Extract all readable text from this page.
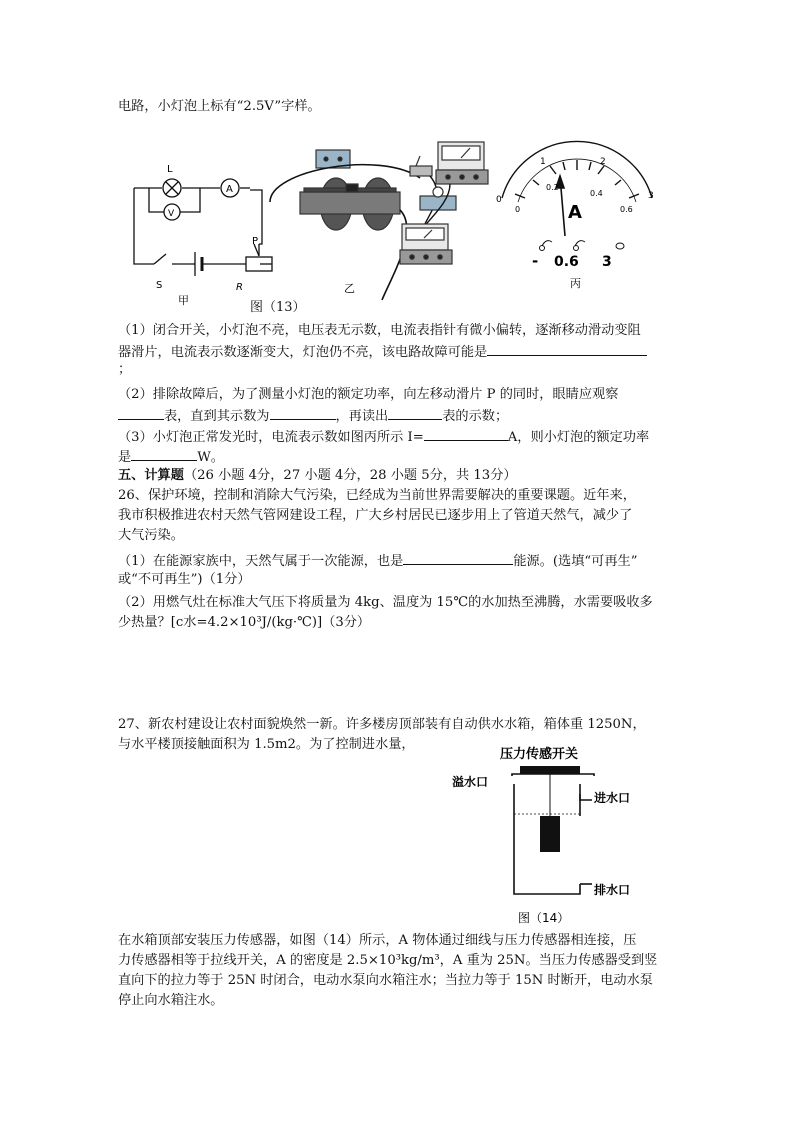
电路，小灯泡上标有“2.5V”字样。
L
A
V
S
P
R
甲
乙
0
1	2
3
0
0.2
0.4
0.6
A
- 0.6 3
丙
图（13）
（1）闭合开关，小灯泡不亮，电压表无示数，电流表指针有微小偏转，逐渐移动滑动变阻
器滑片，电流表示数逐渐变大，灯泡仍不亮，该电路故障可能是
；
（2）排除故障后，为了测量小灯泡的额定功率，向左移动滑片 P 的同时，眼睛应观察
表，直到其示数为	，再读出	表的示数；
（3）小灯泡正常发光时，电流表示数如图丙所示 I=	A，则小灯泡的额定功率
是	W。
五、计算题（26 小题 4分，27 小题 4分，28 小题 5分，共 13分）
26、保护环境，控制和消除大气污染，已经成为当前世界需要解决的重要课题。近年来，
我市积极推进农村天然气管网建设工程，广大乡村居民已逐步用上了管道天然气，减少了
大气污染。
（1）在能源家族中，天然气属于一次能源，也是	能源。(选填“可再生”
或“不可再生”)（1分）
（2）用燃气灶在标准大气压下将质量为 4kg、温度为 15℃的水加热至沸腾，水需要吸收多
少热量？[c水=4.2×10³J/(kg·℃)]（3分）
27、新农村建设让农村面貌焕然一新。许多楼房顶部装有自动供水水箱，箱体重 1250N，
与水平楼顶接触面积为 1.5m2。为了控制进水量，
压力传感开关
溢水口
进水口
排水口
图（14）
在水箱顶部安装压力传感器，如图（14）所示，A 物体通过细线与压力传感器相连接，压
力传感器相等于拉线开关，A 的密度是 2.5×10³kg/m³，A 重为 25N。当压力传感器受到竖
直向下的拉力等于 25N 时闭合，电动水泵向水箱注水；当拉力等于 15N 时断开，电动水泵
停止向水箱注水。
